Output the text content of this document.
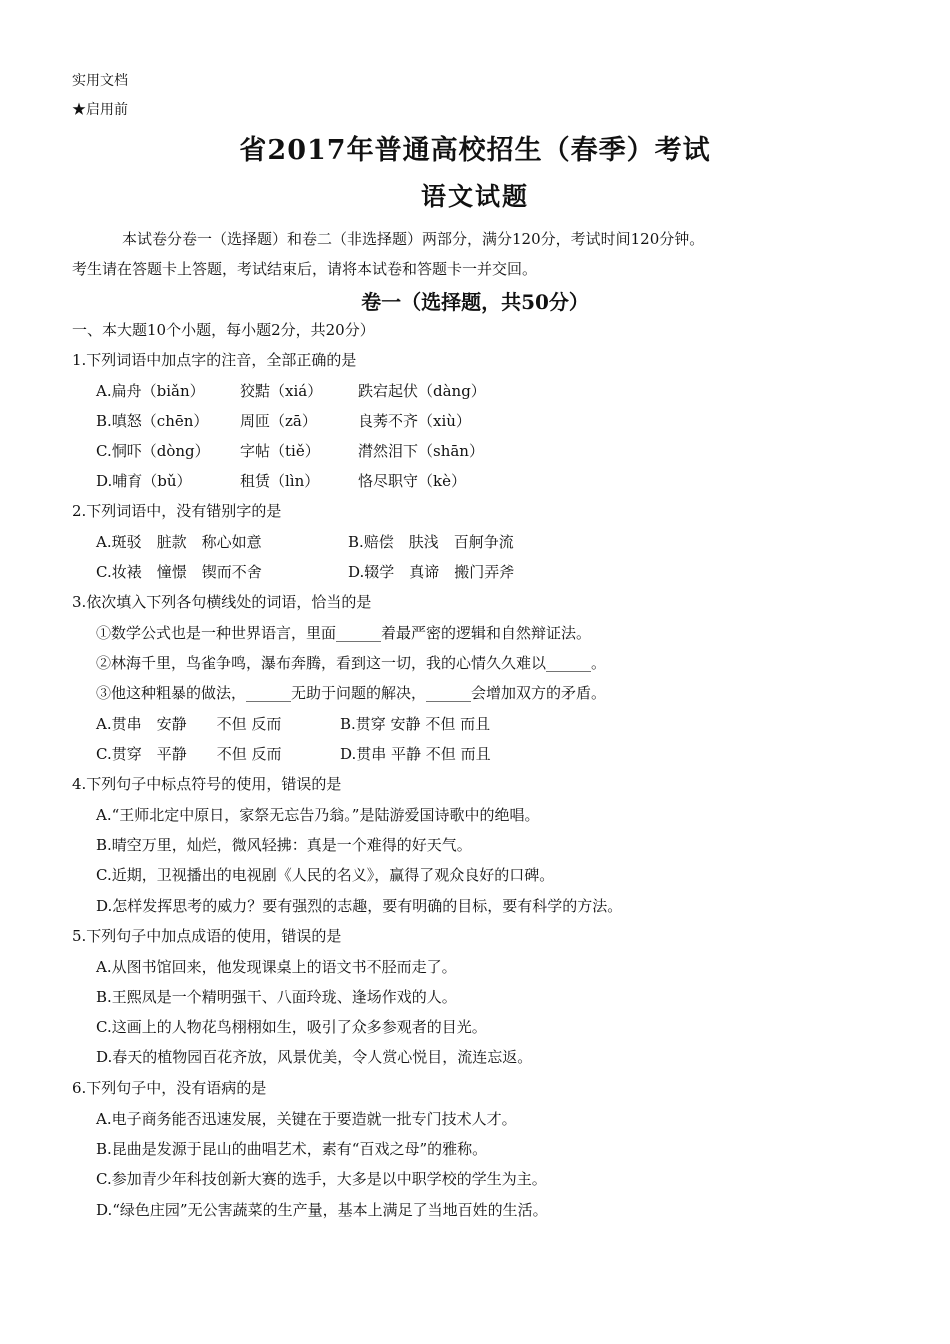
实用文档
★启用前
省2017年普通高校招生（春季）考试
语文试题
本试卷分卷一（选择题）和卷二（非选择题）两部分，满分120分，考试时间120分钟。
考生请在答题卡上答题，考试结束后，请将本试卷和答题卡一并交回。
卷一（选择题，共50分）
一、本大题10个小题，每小题2分，共20分）
1.下列词语中加点字的注音，全部正确的是
A.扁舟（biǎn） 狡黠（xiá） 跌宕起伏（dàng）
B.嗔怒（chēn） 周匝（zā）	良莠不齐（xiù）
C.恫吓（dòng） 字帖（tiě）	潸然泪下（shān）
D.哺育（bǔ）	租赁（lìn）	恪尽职守（kè）
2.下列词语中，没有错别字的是
A.斑驳　脏款　称心如意	B.赔偿　肤浅　百舸争流
C.妆裱　憧憬　锲而不舍	D.辍学　真谛　搬门弄斧
3.依次填入下列各句横线处的词语，恰当的是
①数学公式也是一种世界语言，里面______着最严密的逻辑和自然辩证法。
②林海千里，鸟雀争鸣，瀑布奔腾，看到这一切，我的心情久久难以______。
③他这种粗暴的做法，______无助于问题的解决，______会增加双方的矛盾。
A.贯串　安静　　不但 反而	B.贯穿 安静 不但 而且
C.贯穿　平静　　不但 反而	D.贯串 平静 不但 而且
4.下列句子中标点符号的使用，错误的是
A.“王师北定中原日，家祭无忘告乃翁。”是陆游爱国诗歌中的绝唱。
B.晴空万里，灿烂，微风轻拂：真是一个难得的好天气。
C.近期，卫视播出的电视剧《人民的名义》，赢得了观众良好的口碑。
D.怎样发挥思考的威力？要有强烈的志趣，要有明确的目标，要有科学的方法。
5.下列句子中加点成语的使用，错误的是
A.从图书馆回来，他发现课桌上的语文书不胫而走了。
B.王熙凤是一个精明强干、八面玲珑、逢场作戏的人。
C.这画上的人物花鸟栩栩如生，吸引了众多参观者的目光。
D.春天的植物园百花齐放，风景优美，令人赏心悦目，流连忘返。
6.下列句子中，没有语病的是
A.电子商务能否迅速发展，关键在于要造就一批专门技术人才。
B.昆曲是发源于昆山的曲唱艺术，素有“百戏之母”的雅称。
C.参加青少年科技创新大赛的选手，大多是以中职学校的学生为主。
D.“绿色庄园”无公害蔬菜的生产量，基本上满足了当地百姓的生活。
